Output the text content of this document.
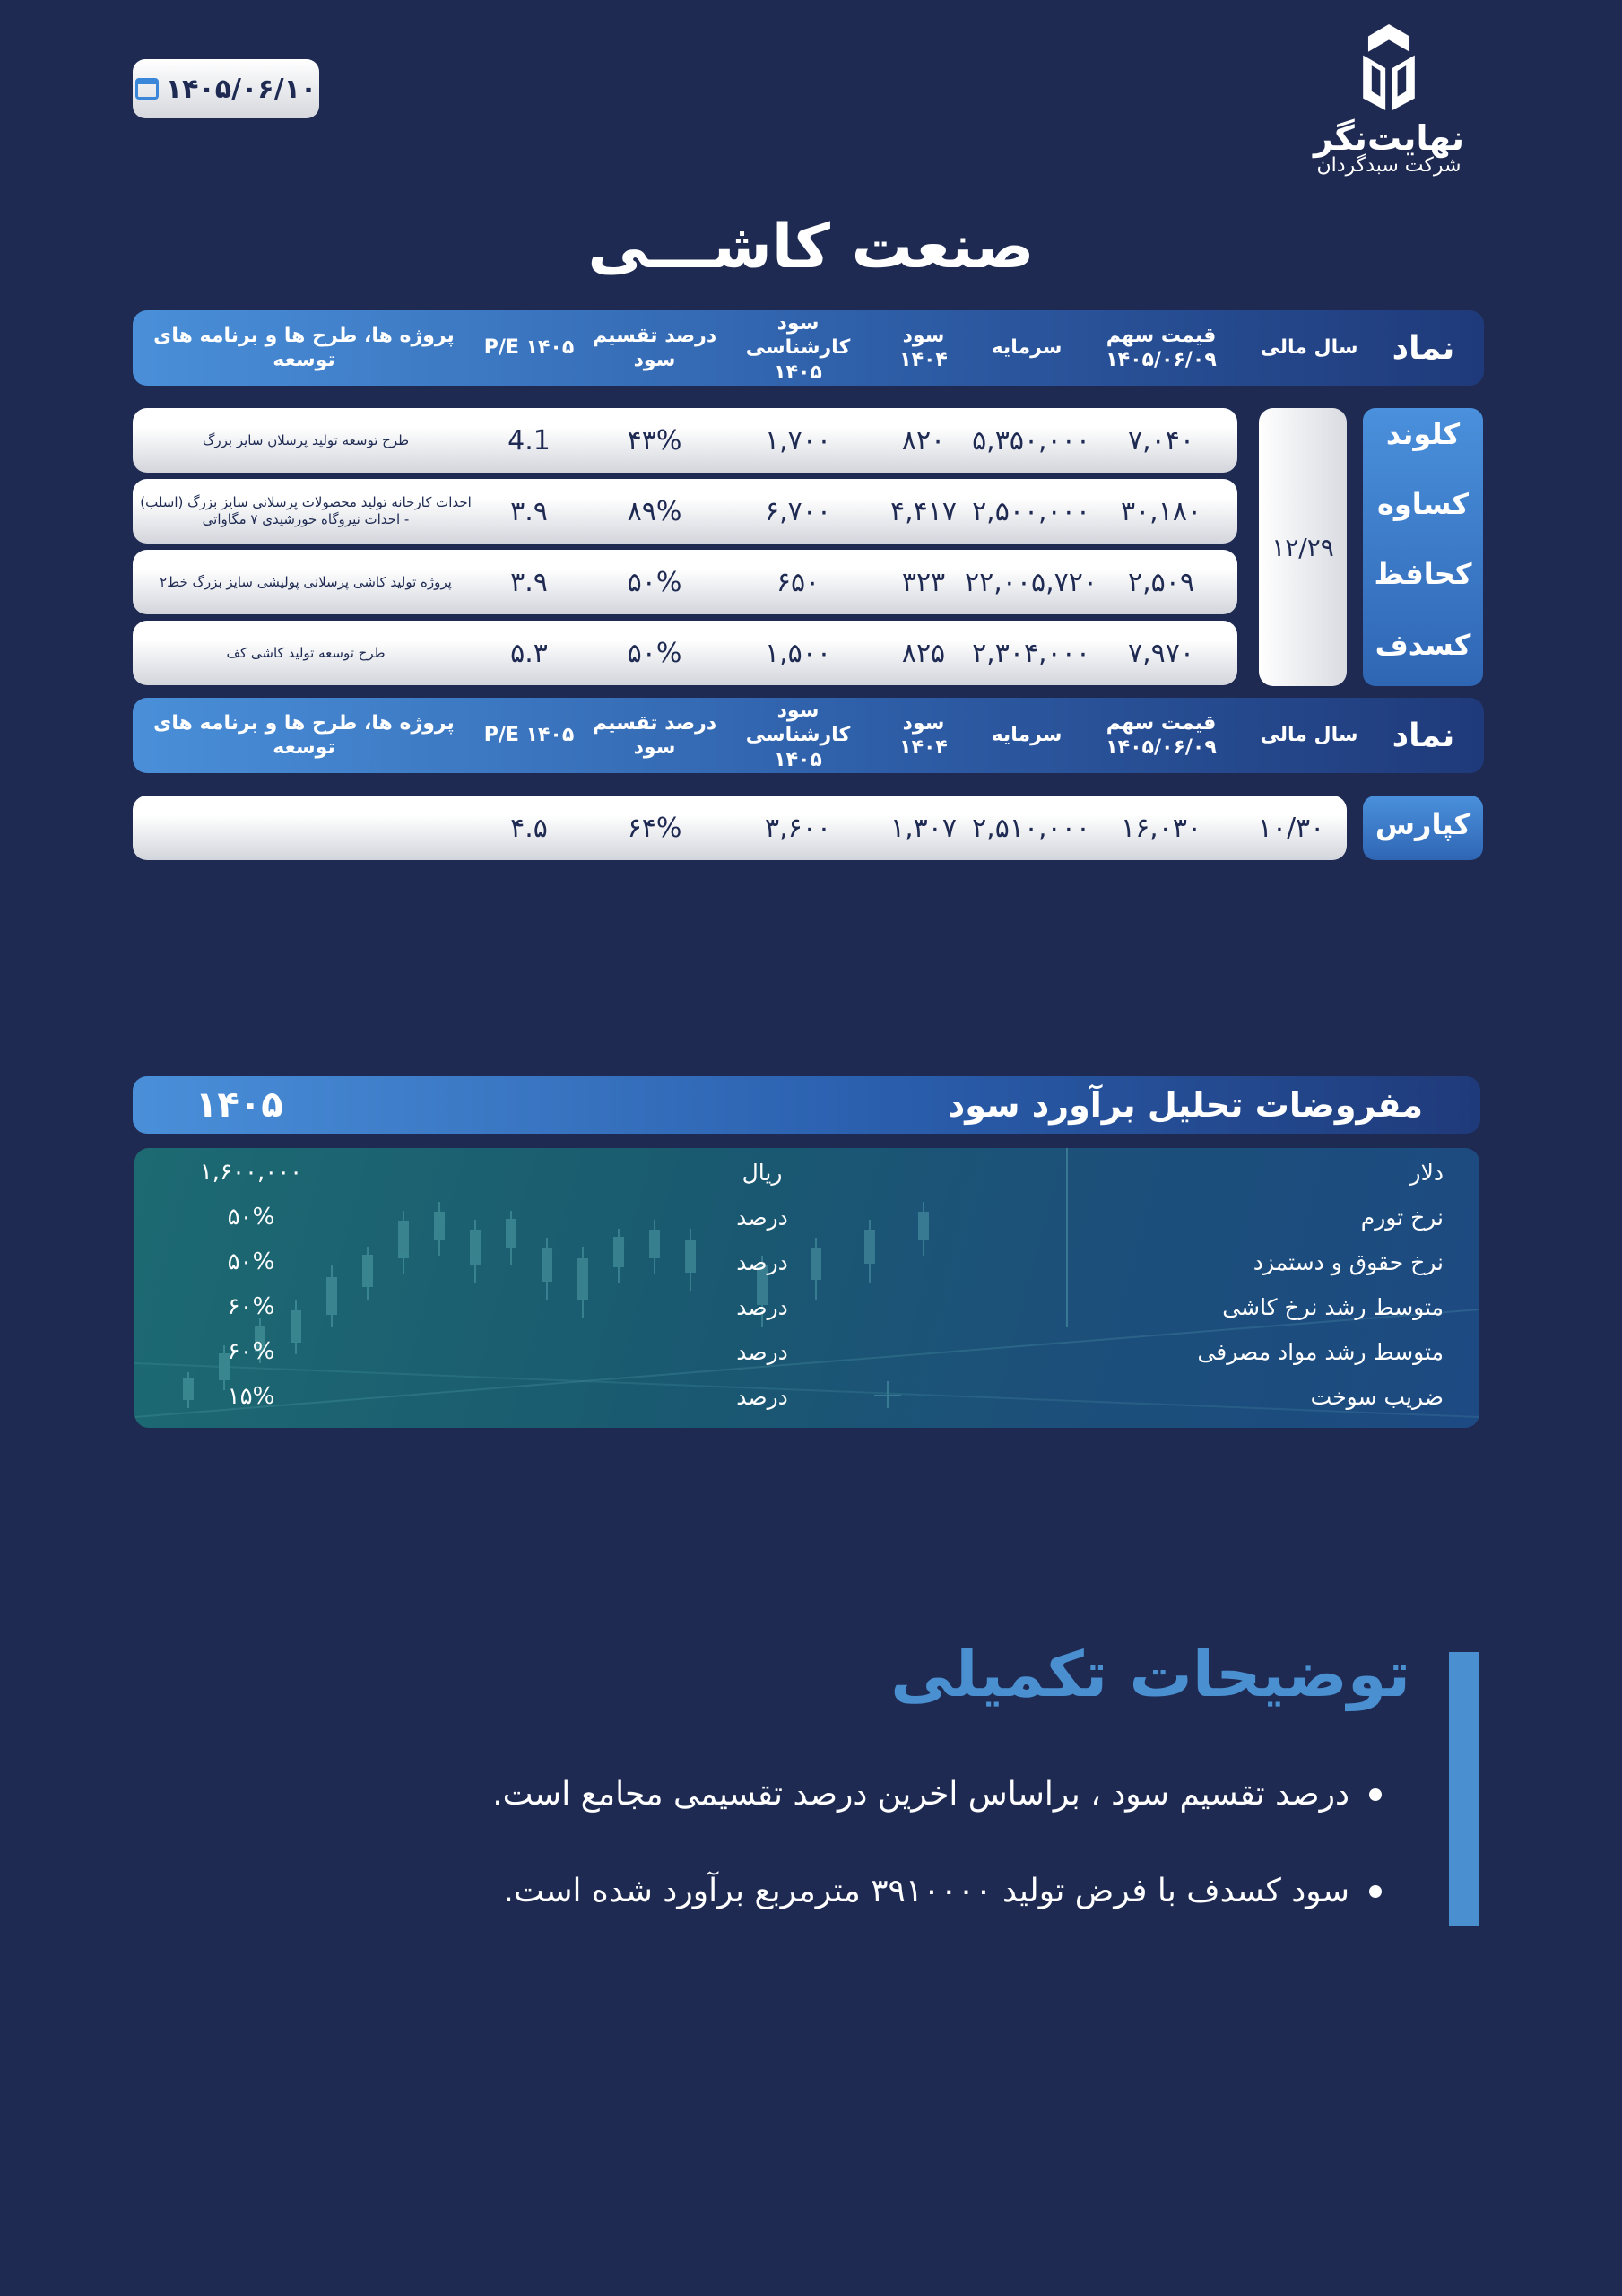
۱۴۰۵/۰۶/۱۰
نهایت‌نگر
شرکت سبدگردان
صنعت کاشـــی
نماد
سال مالی
قیمت سهم ۱۴۰۵/۰۶/۰۹
سرمایه
سود ۱۴۰۴
سود کارشناسی ۱۴۰۵
درصد تقسیم سود
P/E ۱۴۰۵
پروژه ها، طرح ها و برنامه های توسعه
کلوند
کساوه
کحافظ
کسدف
۱۲/۲۹
۷,۰۴۰
۵,۳۵۰,۰۰۰
۸۲۰
۱,۷۰۰
۴۳%
4.1
طرح توسعه تولید پرسلان سایز بزرگ
۳۰,۱۸۰
۲,۵۰۰,۰۰۰
۴,۴۱۷
۶,۷۰۰
۸۹%
۳.۹
احداث کارخانه تولید محصولات پرسلانی سایز بزرگ (اسلب) - احداث نیروگاه خورشیدی ۷ مگاواتی
۲,۵۰۹
۲۲,۰۰۵,۷۲۰
۳۲۳
۶۵۰
۵۰%
۳.۹
پروژه تولید کاشی پرسلانی پولیشی سایز بزرگ خط۲
۷,۹۷۰
۲,۳۰۴,۰۰۰
۸۲۵
۱,۵۰۰
۵۰%
۵.۳
طرح توسعه تولید کاشی کف
نماد
سال مالی
قیمت سهم ۱۴۰۵/۰۶/۰۹
سرمایه
سود ۱۴۰۴
سود کارشناسی ۱۴۰۵
درصد تقسیم سود
P/E ۱۴۰۵
پروژه ها، طرح ها و برنامه های توسعه
کپارس
۱۰/۳۰
۱۶,۰۳۰
۲,۵۱۰,۰۰۰
۱,۳۰۷
۳,۶۰۰
۶۴%
۴.۵
مفروضات تحلیل برآورد سود
۱۴۰۵
دلار
ریال
۱,۶۰۰,۰۰۰
نرخ تورم
درصد
۵۰%
نرخ حقوق و دستمزد
درصد
۵۰%
متوسط رشد نرخ کاشی
درصد
۶۰%
متوسط رشد مواد مصرفی
درصد
۶۰%
ضریب سوخت
درصد
۱۵%
توضیحات تکمیلی
درصد تقسیم سود ، براساس اخرین درصد تقسیمی مجامع است.
سود کسدف با فرض تولید ۳۹۱۰۰۰۰ مترمربع برآورد شده است.
